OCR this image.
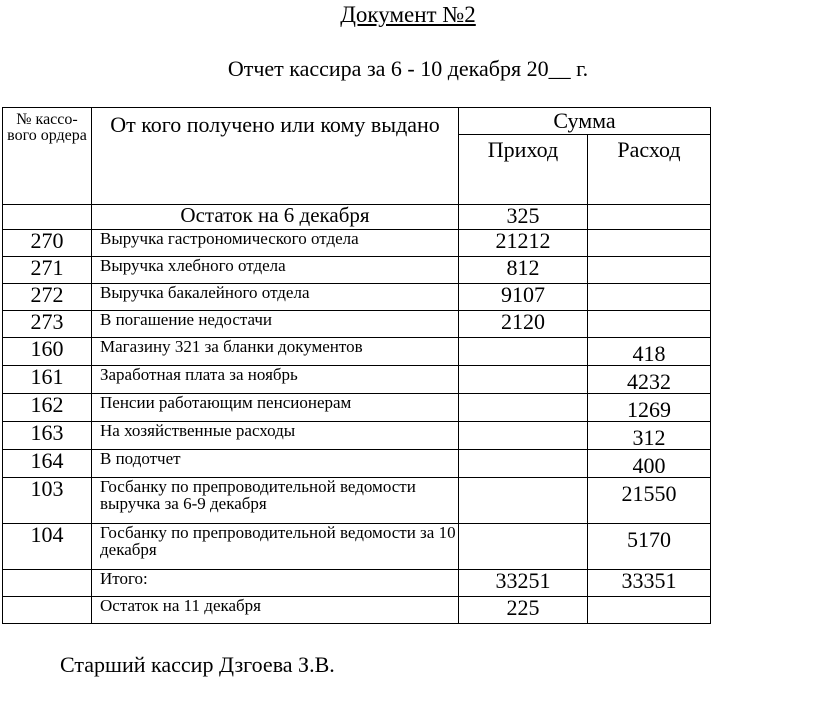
Документ №2
Отчет кассира за 6 - 10 декабря 20__ г.
№ кассо-вого ордера	От кого получено или кому выдано	Сумма	
		Приход	Расход
	Остаток на 6 декабря	325	
270	Выручка гастрономического отдела	21212	
271	Выручка хлебного отдела	812	
272	Выручка бакалейного отдела	9107	
273	В погашение недостачи	2120	
160	Магазину 321 за бланки документов		418
161	Заработная плата за ноябрь		4232
162	Пенсии работающим пенсионерам		1269
163	На хозяйственные расходы		312
164	В подотчет		400
103	Госбанку по препроводительной ведомости выручка за 6-9 декабря		21550
104	Госбанку по препроводительной ведомости за 10 декабря		5170
	Итого:	33251	33351
	Остаток на 11 декабря	225	
Старший кассир Дзгоева З.В.
